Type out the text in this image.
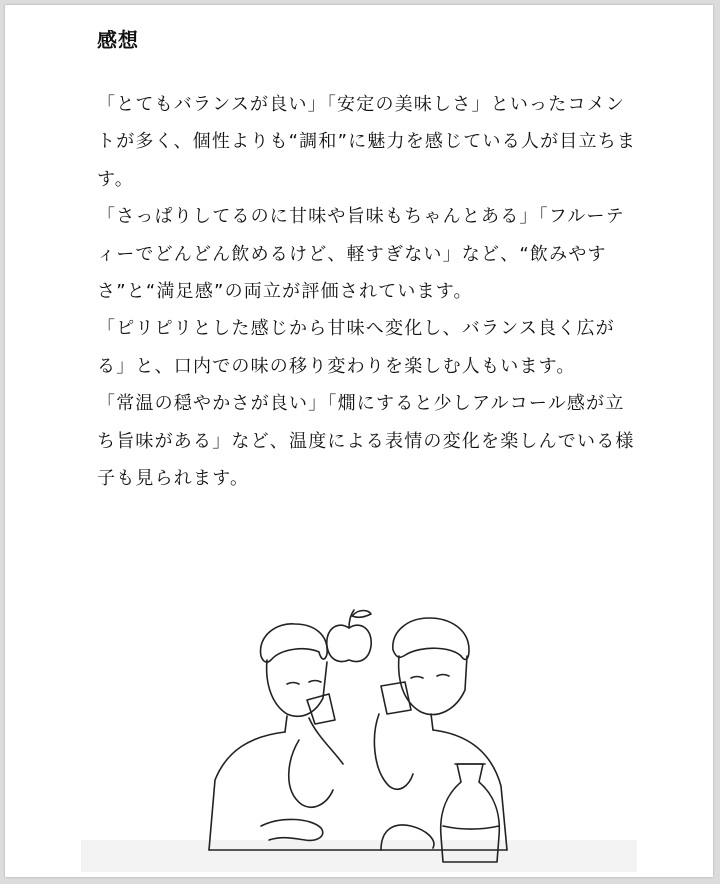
感想

「とてもバランスが良い」「安定の美味しさ」といったコメントが多く、個性よりも“調和”に魅力を感じている人が目立ちます。

「さっぱりしてるのに甘味や旨味もちゃんとある」「フルーティーでどんどん飲めるけど、軽すぎない」など、“飲みやすさ”と“満足感”の両立が評価されています。

「ピリピリとした感じから甘味へ変化し、バランス良く広がる」と、口内での味の移り変わりを楽しむ人もいます。

「常温の穏やかさが良い」「燗にすると少しアルコール感が立ち旨味がある」など、温度による表情の変化を楽しんでいる様子も見られます。
